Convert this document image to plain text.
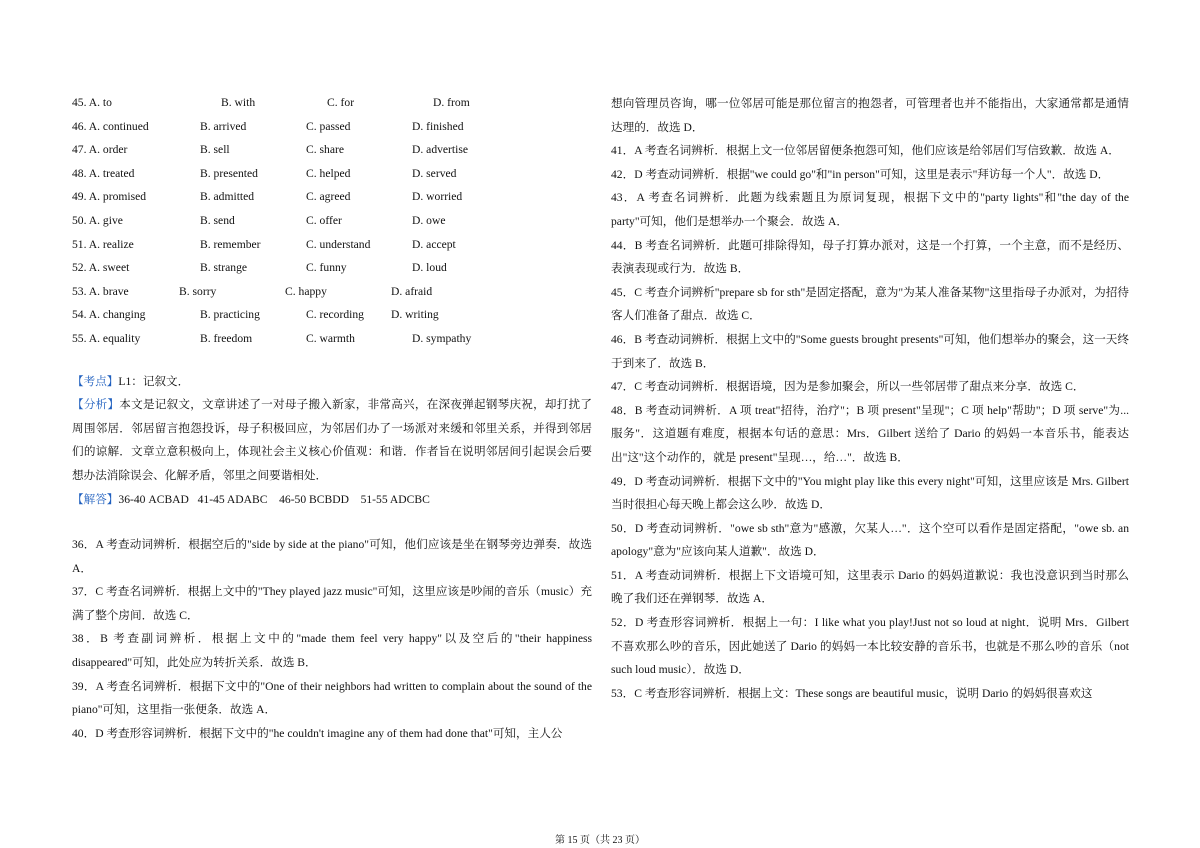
45. A. to	B. with	C. for	D. from
46. A. continued	B. arrived	C. passed	D. finished
47. A. order	B. sell	C. share	D. advertise
48. A. treated	B. presented	C. helped	D. served
49. A. promised	B. admitted	C. agreed	D. worried
50. A. give	B. send	C. offer	D. owe
51. A. realize	B. remember	C. understand	D. accept
52. A. sweet	B. strange	C. funny	D. loud
53. A. brave	B. sorry	C. happy	D. afraid
54. A. changing	B. practicing	C. recording D. writing
55. A. equality	B. freedom	C. warmth	D. sympathy
【考点】L1：记叙文．
【分析】本文是记叙文，文章讲述了一对母子搬入新家，非常高兴，在深夜弹起钢琴庆祝，却打扰了周围邻居．邻居留言抱怨投诉，母子积极回应，为邻居们办了一场派对来缓和邻里关系，并得到邻居们的谅解．文章立意积极向上，体现社会主义核心价值观：和谐．作者旨在说明邻居间引起误会后要想办法消除误会、化解矛盾，邻里之间要谐相处．
【解答】36-40 ACBAD   41-45 ADABC    46-50 BCBDD    51-55 ADCBC

36．A 考查动词辨析．根据空后的"side by side at the piano"可知，他们应该是坐在钢琴旁边弹奏．故选 A．

37．C 考查名词辨析．根据上文中的"They played jazz music"可知，这里应该是吵闹的音乐（music）充满了整个房间．故选 C．

38．B 考查副词辨析．根据上文中的"made them feel very happy"以及空后的"their happiness disappeared"可知，此处应为转折关系．故选 B．

39．A 考查名词辨析．根据下文中的"One of their neighbors had written to complain about the sound of the piano"可知，这里指一张便条．故选 A．

40．D 考查形容词辨析．根据下文中的"he couldn't imagine any of them had done that"可知，主人公

想向管理员咨询，哪一位邻居可能是那位留言的抱怨者，可管理者也并不能指出，大家通常都是通情达理的．故选 D．

41．A 考查名词辨析．根据上文一位邻居留便条抱怨可知，他们应该是给邻居们写信致歉．故选 A．

42．D 考查动词辨析．根据"we could go"和"in person"可知，这里是表示"拜访每一个人"．故选 D．

43．A 考查名词辨析．此题为线索题且为原词复现，根据下文中的"party lights"和"the day of the party"可知，他们是想举办一个聚会．故选 A．

44．B 考查名词辨析．此题可排除得知，母子打算办派对，这是一个打算，一个主意，而不是经历、表演表现或行为．故选 B．

45．C 考查介词辨析"prepare sb for sth"是固定搭配，意为"为某人准备某物"这里指母子办派对，为招待客人们准备了甜点．故选 C．

46．B 考查动词辨析．根据上文中的"Some guests brought presents"可知，他们想举办的聚会，这一天终于到来了．故选 B．

47．C 考查动词辨析．根据语境，因为是参加聚会，所以一些邻居带了甜点来分享．故选 C．

48．B 考查动词辨析．A 项 treat"招待，治疗"；B 项 present"呈现"；C 项 help"帮助"；D 项 serve"为...服务"．这道题有难度，根据本句话的意思：Mrs．Gilbert 送给了 Dario 的妈妈一本音乐书，能表达出"这"这个动作的，就是 present"呈现…，给…"．故选 B．

49．D 考查动词辨析．根据下文中的"You might play like this every night"可知，这里应该是 Mrs. Gilbert 当时很担心每天晚上都会这么吵．故选 D．

50．D 考查动词辨析．"owe sb sth"意为"感激，欠某人…"．这个空可以看作是固定搭配，"owe sb. an apology"意为"应该向某人道歉"．故选 D．

51．A 考查动词辨析．根据上下文语境可知，这里表示 Dario 的妈妈道歉说：我也没意识到当时那么晚了我们还在弹钢琴．故选 A．

52．D 考查形容词辨析．根据上一句：I like what you play!Just not so loud at night．说明 Mrs．Gilbert 不喜欢那么吵的音乐，因此她送了 Dario 的妈妈一本比较安静的音乐书，也就是不那么吵的音乐（not such loud music）．故选 D．

53．C 考查形容词辨析．根据上文：These songs are beautiful music，说明 Dario 的妈妈很喜欢这

第 15 页（共 23 页）
